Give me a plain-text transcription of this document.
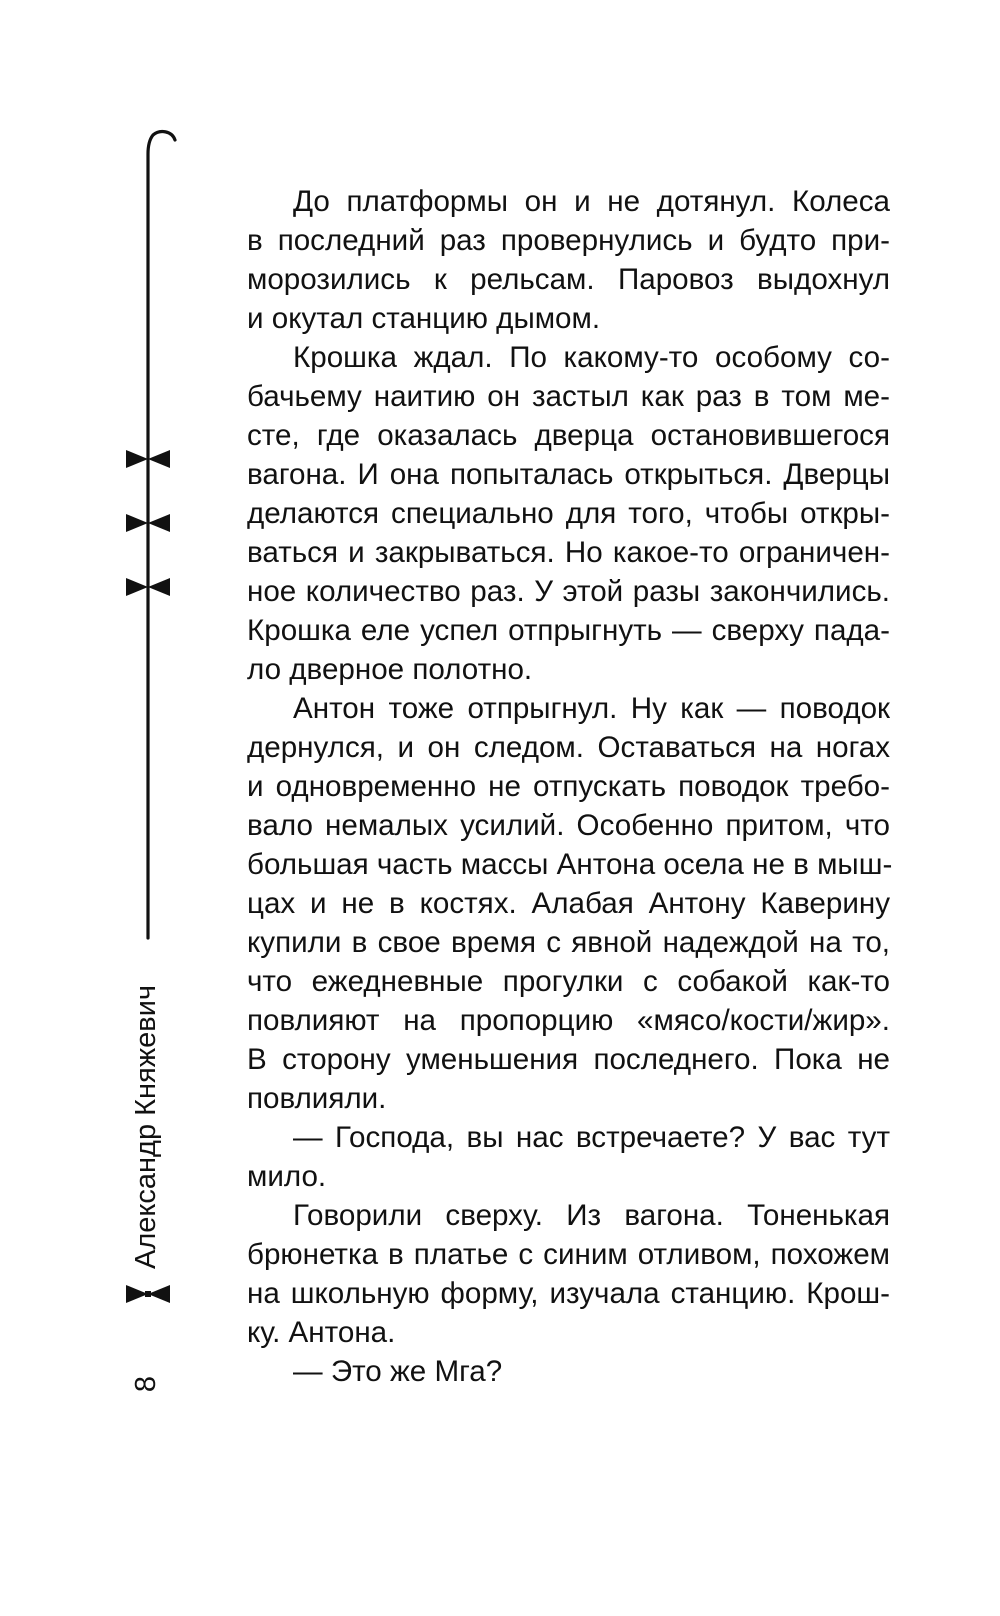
Александр Княжевич
8
До платформы он и не дотянул. Колеса
в последний раз провернулись и будто при-
морозились к рельсам. Паровоз выдохнул
и окутал станцию дымом.
Крошка ждал. По какому-то особому со-
бачьему наитию он застыл как раз в том ме-
сте, где оказалась дверца остановившегося
вагона. И она попыталась открыться. Дверцы
делаются специально для того, чтобы откры-
ваться и закрываться. Но какое-то ограничен-
ное количество раз. У этой разы закончились.
Крошка еле успел отпрыгнуть — сверху пада-
ло дверное полотно.
Антон тоже отпрыгнул. Ну как — поводок
дернулся, и он следом. Оставаться на ногах
и одновременно не отпускать поводок требо-
вало немалых усилий. Особенно притом, что
большая часть массы Антона осела не в мыш-
цах и не в костях. Алабая Антону Каверину
купили в свое время с явной надеждой на то,
что ежедневные прогулки с собакой как-то
повлияют на пропорцию «мясо/кости/жир».
В сторону уменьшения последнего. Пока не
повлияли.
— Господа, вы нас встречаете? У вас тут
мило.
Говорили сверху. Из вагона. Тоненькая
брюнетка в платье с синим отливом, похожем
на школьную форму, изучала станцию. Крош-
ку. Антона.
— Это же Мга?
